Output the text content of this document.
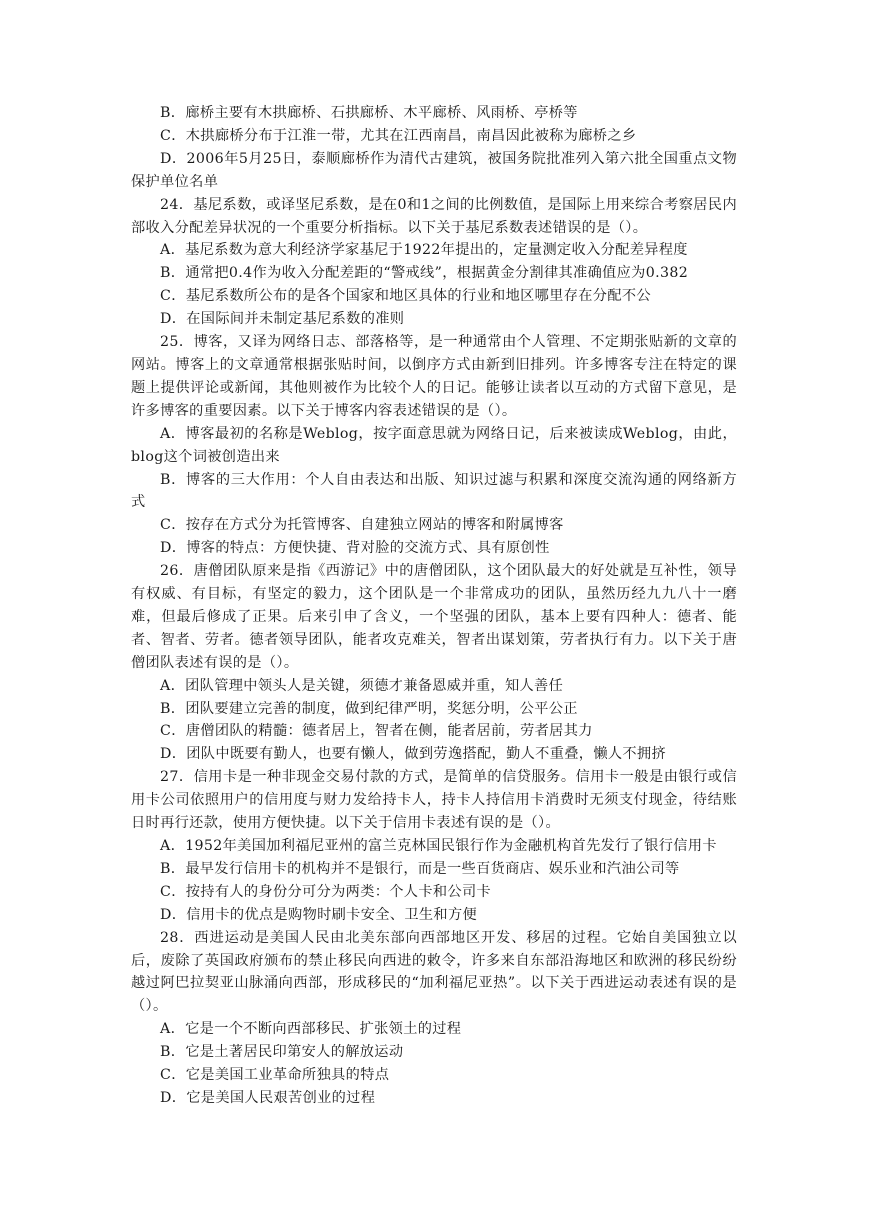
B．廊桥主要有木拱廊桥、石拱廊桥、木平廊桥、风雨桥、亭桥等

C．木拱廊桥分布于江淮一带，尤其在江西南昌，南昌因此被称为廊桥之乡

D．2006年5月25日，泰顺廊桥作为清代古建筑，被国务院批准列入第六批全国重点文物保护单位名单

24．基尼系数，或译坚尼系数，是在0和1之间的比例数值，是国际上用来综合考察居民内部收入分配差异状况的一个重要分析指标。以下关于基尼系数表述错误的是（）。

A．基尼系数为意大利经济学家基尼于1922年提出的，定量测定收入分配差异程度

B．通常把0.4作为收入分配差距的“警戒线”，根据黄金分割律其准确值应为0.382

C．基尼系数所公布的是各个国家和地区具体的行业和地区哪里存在分配不公

D．在国际间并未制定基尼系数的准则

25．博客，又译为网络日志、部落格等，是一种通常由个人管理、不定期张贴新的文章的网站。博客上的文章通常根据张贴时间，以倒序方式由新到旧排列。许多博客专注在特定的课题上提供评论或新闻，其他则被作为比较个人的日记。能够让读者以互动的方式留下意见，是许多博客的重要因素。以下关于博客内容表述错误的是（）。

A．博客最初的名称是Weblog，按字面意思就为网络日记，后来被读成Weblog，由此，blog这个词被创造出来

B．博客的三大作用：个人自由表达和出版、知识过滤与积累和深度交流沟通的网络新方式

C．按存在方式分为托管博客、自建独立网站的博客和附属博客

D．博客的特点：方便快捷、背对脸的交流方式、具有原创性

26．唐僧团队原来是指《西游记》中的唐僧团队，这个团队最大的好处就是互补性，领导有权威、有目标，有坚定的毅力，这个团队是一个非常成功的团队，虽然历经九九八十一磨难，但最后修成了正果。后来引申了含义，一个坚强的团队，基本上要有四种人：德者、能者、智者、劳者。德者领导团队，能者攻克难关，智者出谋划策，劳者执行有力。以下关于唐僧团队表述有误的是（）。

A．团队管理中领头人是关键，须德才兼备恩威并重，知人善任

B．团队要建立完善的制度，做到纪律严明，奖惩分明，公平公正

C．唐僧团队的精髓：德者居上，智者在侧，能者居前，劳者居其力

D．团队中既要有勤人，也要有懒人，做到劳逸搭配，勤人不重叠，懒人不拥挤

27．信用卡是一种非现金交易付款的方式，是简单的信贷服务。信用卡一般是由银行或信用卡公司依照用户的信用度与财力发给持卡人，持卡人持信用卡消费时无须支付现金，待结账日时再行还款，使用方便快捷。以下关于信用卡表述有误的是（）。

A．1952年美国加利福尼亚州的富兰克林国民银行作为金融机构首先发行了银行信用卡

B．最早发行信用卡的机构并不是银行，而是一些百货商店、娱乐业和汽油公司等

C．按持有人的身份分可分为两类：个人卡和公司卡

D．信用卡的优点是购物时刷卡安全、卫生和方便

28．西进运动是美国人民由北美东部向西部地区开发、移居的过程。它始自美国独立以后，废除了英国政府颁布的禁止移民向西进的敕令，许多来自东部沿海地区和欧洲的移民纷纷越过阿巴拉契亚山脉涌向西部，形成移民的“加利福尼亚热”。以下关于西进运动表述有误的是（）。

A．它是一个不断向西部移民、扩张领土的过程

B．它是土著居民印第安人的解放运动

C．它是美国工业革命所独具的特点

D．它是美国人民艰苦创业的过程
